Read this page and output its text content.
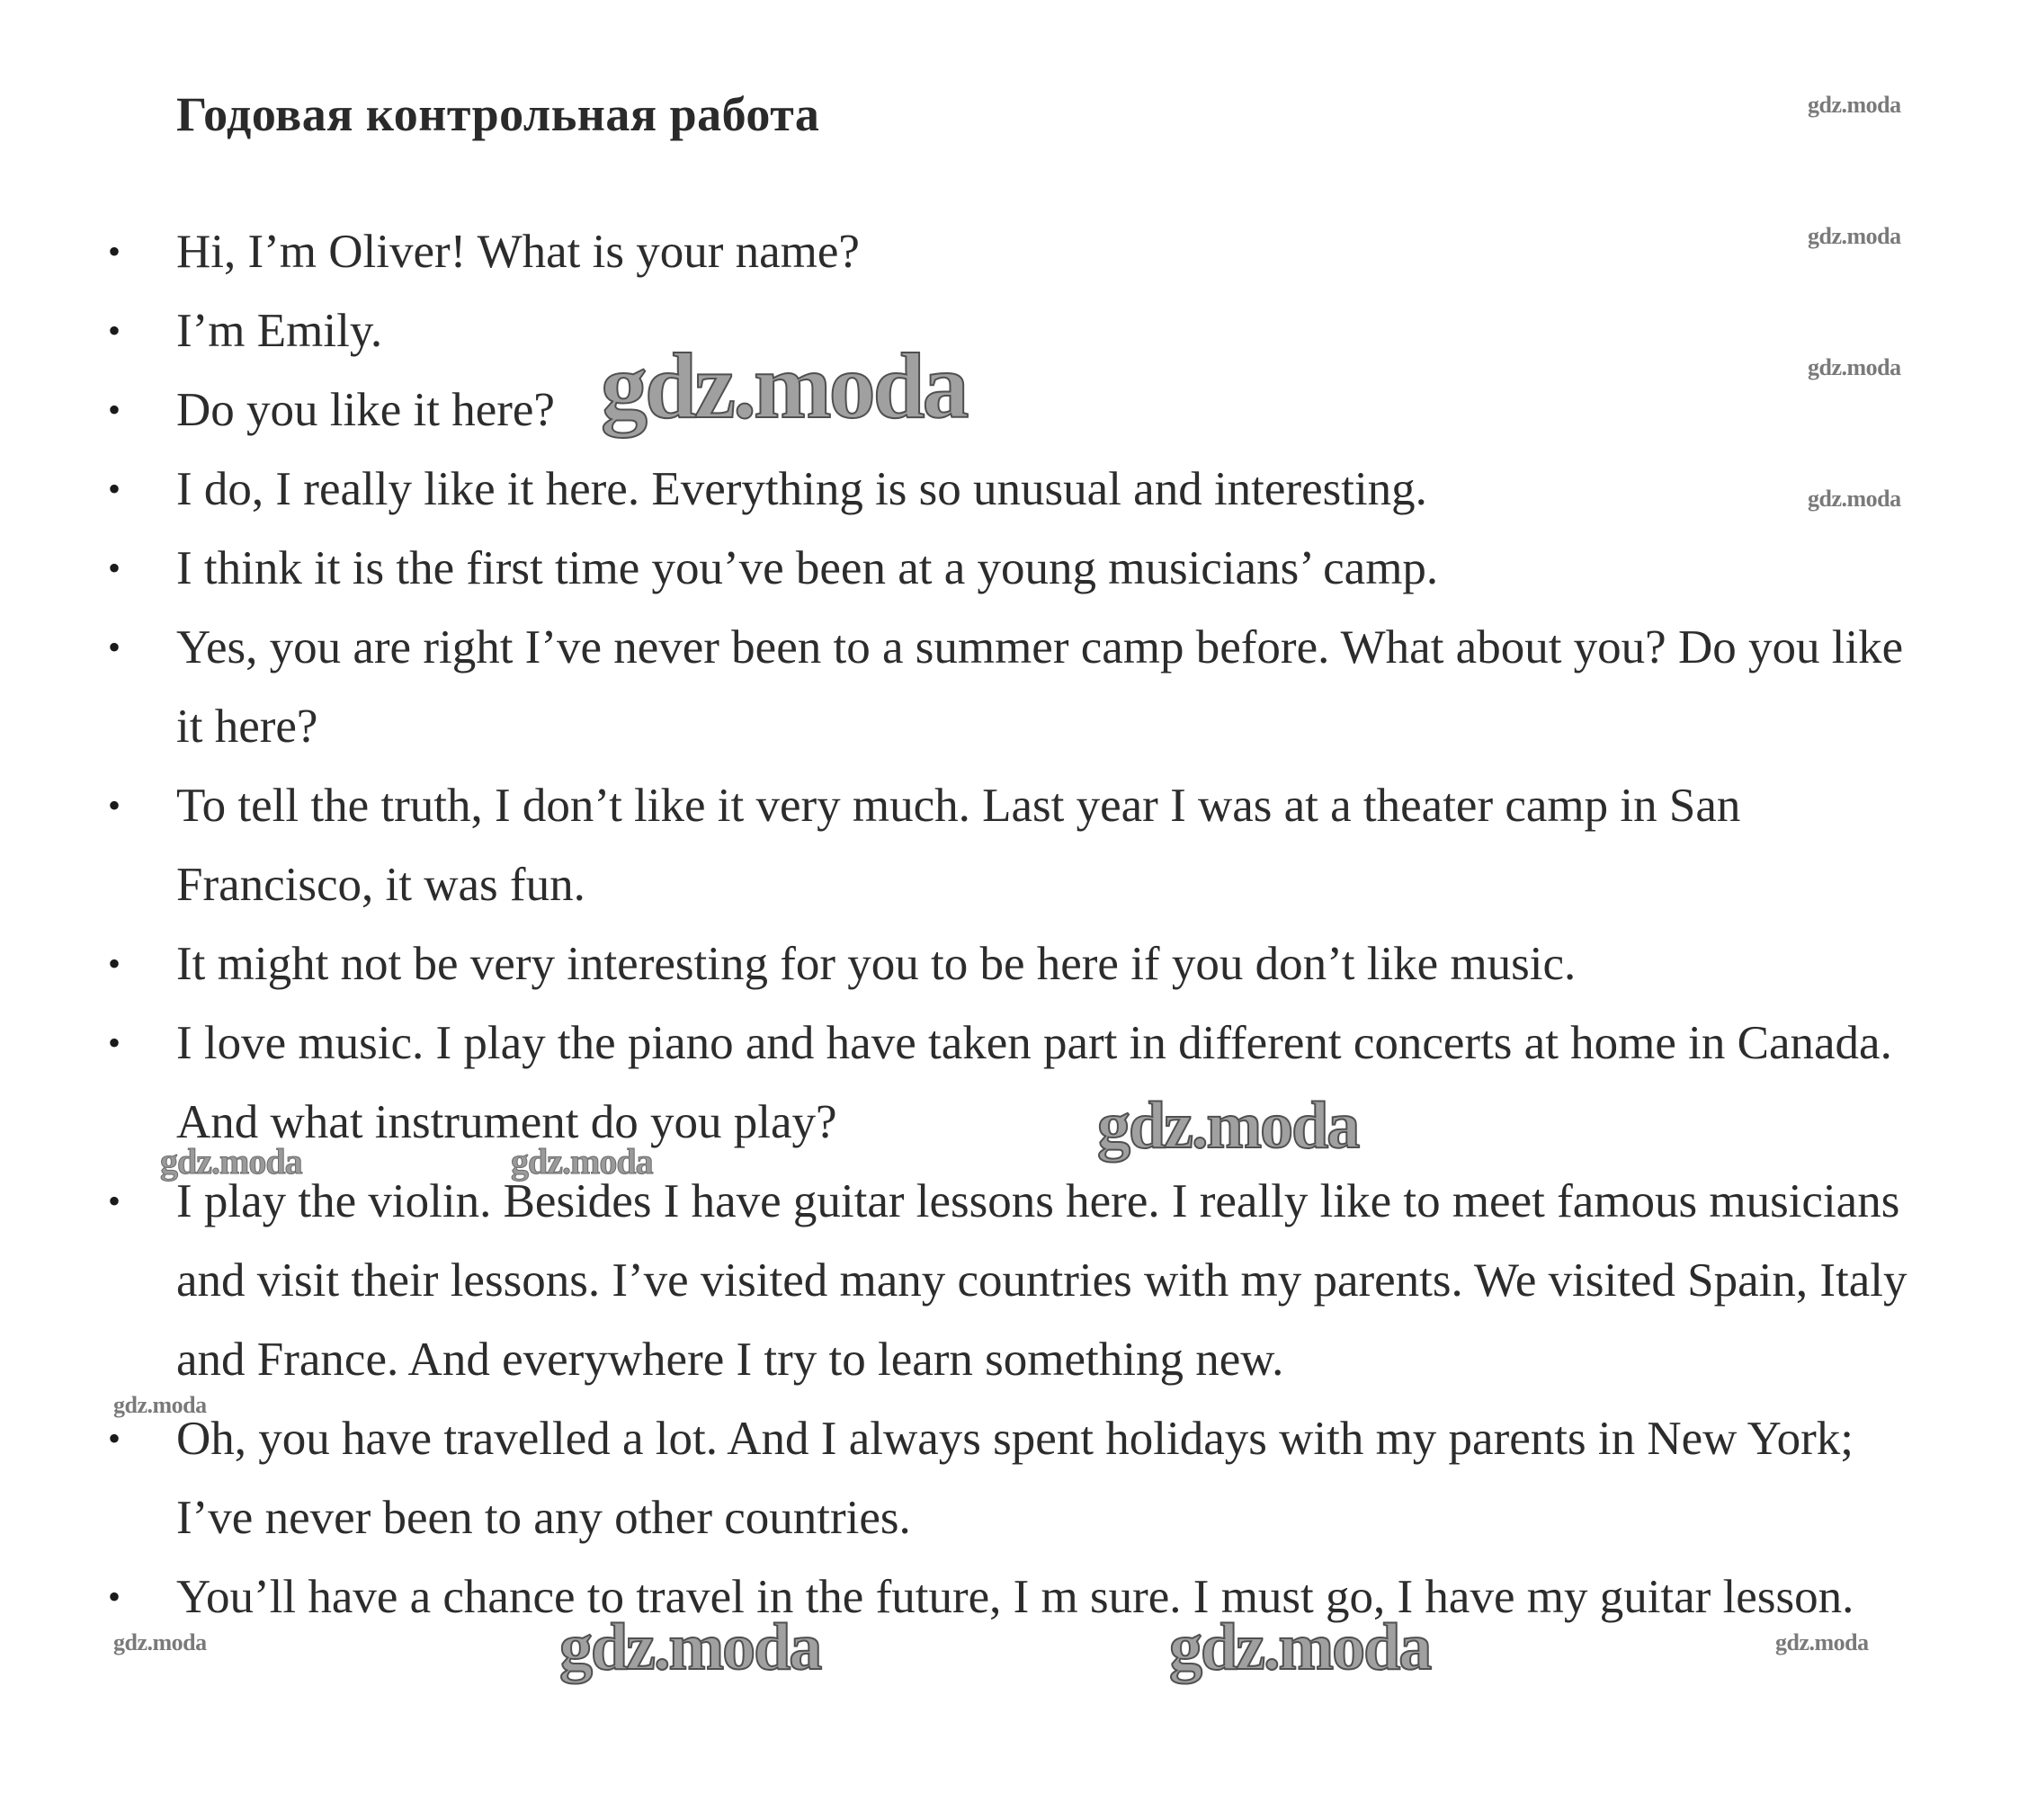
Годовая контрольная работа
• Hi, I’m Oliver! What is your name?
• I’m Emily.
• Do you like it here?
• I do, I really like it here. Everything is so unusual and interesting.
• I think it is the first time you’ve been at a young musicians’ camp.
• Yes, you are right I’ve never been to a summer camp before. What about you? Do you like it here?
• To tell the truth, I don’t like it very much. Last year I was at a theater camp in San Francisco, it was fun.
• It might not be very interesting for you to be here if you don’t like music.
• I love music. I play the piano and have taken part in different concerts at home in Canada. And what instrument do you play?
• I play the violin. Besides I have guitar lessons here. I really like to meet famous musicians and visit their lessons. I’ve visited many countries with my parents. We visited Spain, Italy and France. And everywhere I try to learn something new.
• Oh, you have travelled a lot. And I always spent holidays with my parents in New York; I’ve never been to any other countries.
• You’ll have a chance to travel in the future, I m sure. I must go, I have my guitar lesson.
gdz.moda
gdz.moda
gdz.moda
gdz.moda
gdz.moda
gdz.moda
gdz.moda	gdz.moda
gdz.moda
gdz.moda	gdz.moda	gdz.moda	gdz.moda
